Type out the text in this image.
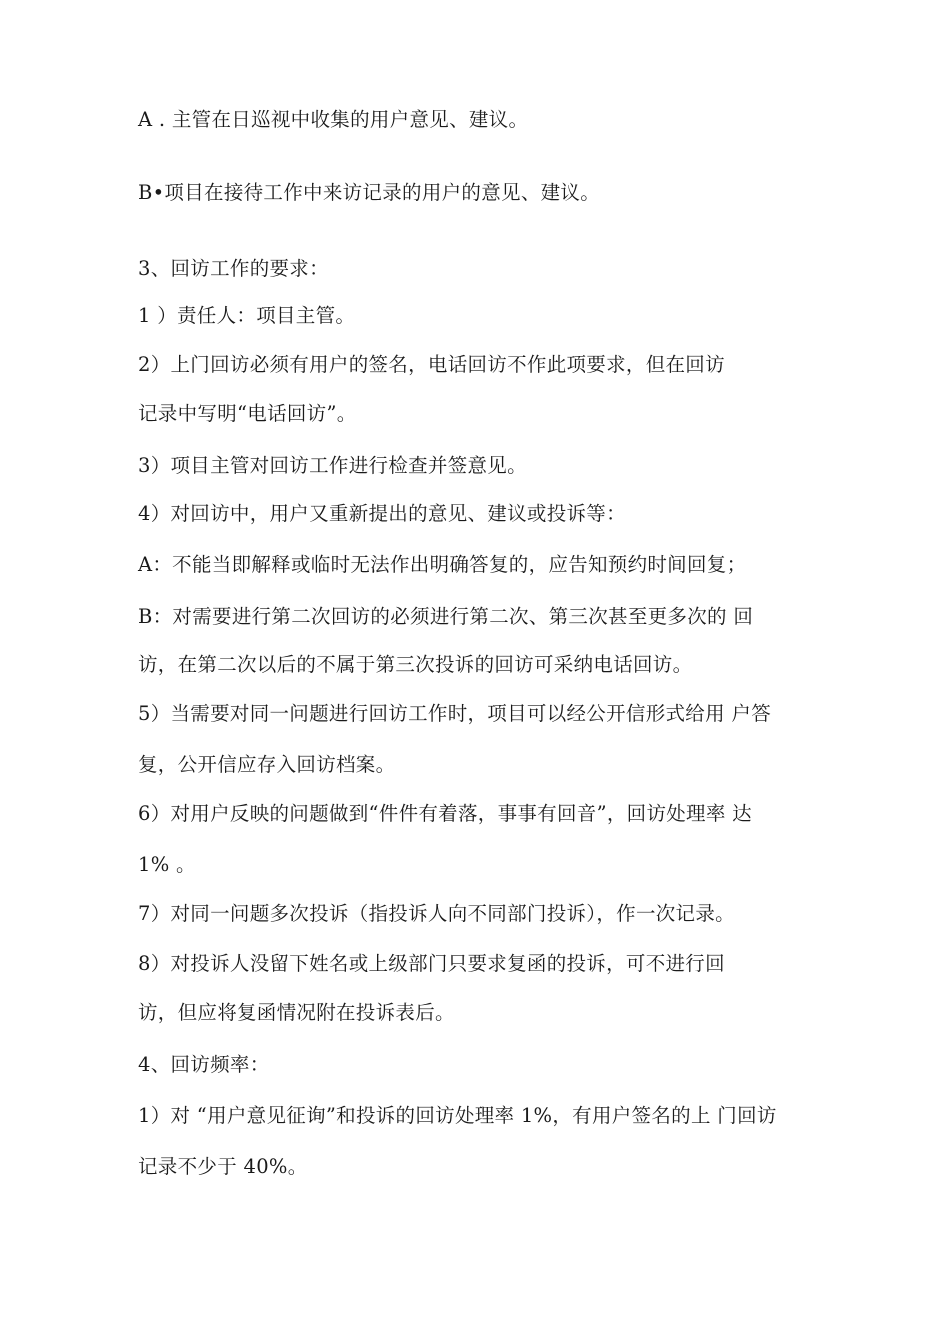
A . 主管在日巡视中收集的用户意见、建议。
B•项目在接待工作中来访记录的用户的意见、建议。
3、回访工作的要求：
1 ）责任人：项目主管。
2）上门回访必须有用户的签名，电话回访不作此项要求，但在回访
记录中写明“电话回访”。
3）项目主管对回访工作进行检查并签意见。
4）对回访中，用户又重新提出的意见、建议或投诉等：
A：不能当即解释或临时无法作出明确答复的，应告知预约时间回复；
B：对需要进行第二次回访的必须进行第二次、第三次甚至更多次的 回
访，在第二次以后的不属于第三次投诉的回访可采纳电话回访。
5）当需要对同一问题进行回访工作时，项目可以经公开信形式给用 户答
复，公开信应存入回访档案。
6）对用户反映的问题做到“件件有着落，事事有回音”，回访处理率 达
1% 。
7）对同一问题多次投诉（指投诉人向不同部门投诉），作一次记录。
8）对投诉人没留下姓名或上级部门只要求复函的投诉，可不进行回
访，但应将复函情况附在投诉表后。
4、回访频率：
1）对 “用户意见征询”和投诉的回访处理率 1%，有用户签名的上 门回访
记录不少于 40%。
